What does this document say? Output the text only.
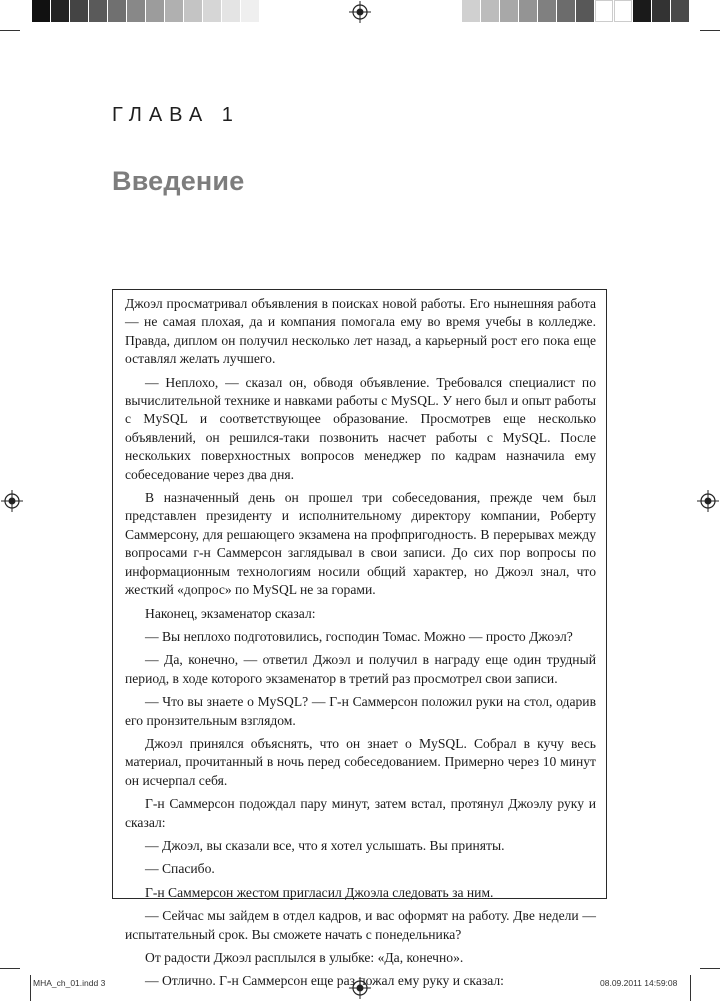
ГЛАВА 1
Введение

Джоэл просматривал объявления в поисках новой работы. Его нынешняя работа — не самая плохая, да и компания помогала ему во время учебы в колледже. Правда, диплом он получил несколько лет назад, а карьерный рост его пока еще оставлял желать лучшего.

— Неплохо, — сказал он, обводя объявление. Требовался специалист по вычислительной технике и навками работы с MySQL. У него был и опыт работы с MySQL и соответствующее образование. Просмотрев еще несколько объявлений, он решился-таки позвонить насчет работы с MySQL. После нескольких поверхностных вопросов менеджер по кадрам назначила ему собеседование через два дня.

В назначенный день он прошел три собеседования, прежде чем был представлен президенту и исполнительному директору компании, Роберту Саммерсону, для решающего экзамена на профпригодность. В перерывах между вопросами г-н Саммерсон заглядывал в свои записи. До сих пор вопросы по информационным технологиям носили общий характер, но Джоэл знал, что жесткий «допрос» по MySQL не за горами.

Наконец, экзаменатор сказал:

— Вы неплохо подготовились, господин Томас. Можно — просто Джоэл?

— Да, конечно, — ответил Джоэл и получил в награду еще один трудный период, в ходе которого экзаменатор в третий раз просмотрел свои записи.

— Что вы знаете о MySQL? — Г-н Саммерсон положил руки на стол, одарив его пронзительным взглядом.

Джоэл принялся объяснять, что он знает о MySQL. Собрал в кучу весь материал, прочитанный в ночь перед собеседованием. Примерно через 10 минут он исчерпал себя.

Г-н Саммерсон подождал пару минут, затем встал, протянул Джоэлу руку и сказал:

— Джоэл, вы сказали все, что я хотел услышать. Вы приняты.

— Спасибо.

Г-н Саммерсон жестом пригласил Джоэла следовать за ним.

— Сейчас мы зайдем в отдел кадров, и вас оформят на работу. Две недели — испытательный срок. Вы сможете начать с понедельника?

От радости Джоэл расплылся в улыбке: «Да, конечно».

— Отлично. Г-н Саммерсон еще раз пожал ему руку и сказал:

MHA_ch_01.indd 3	08.09.2011 14:59:08
